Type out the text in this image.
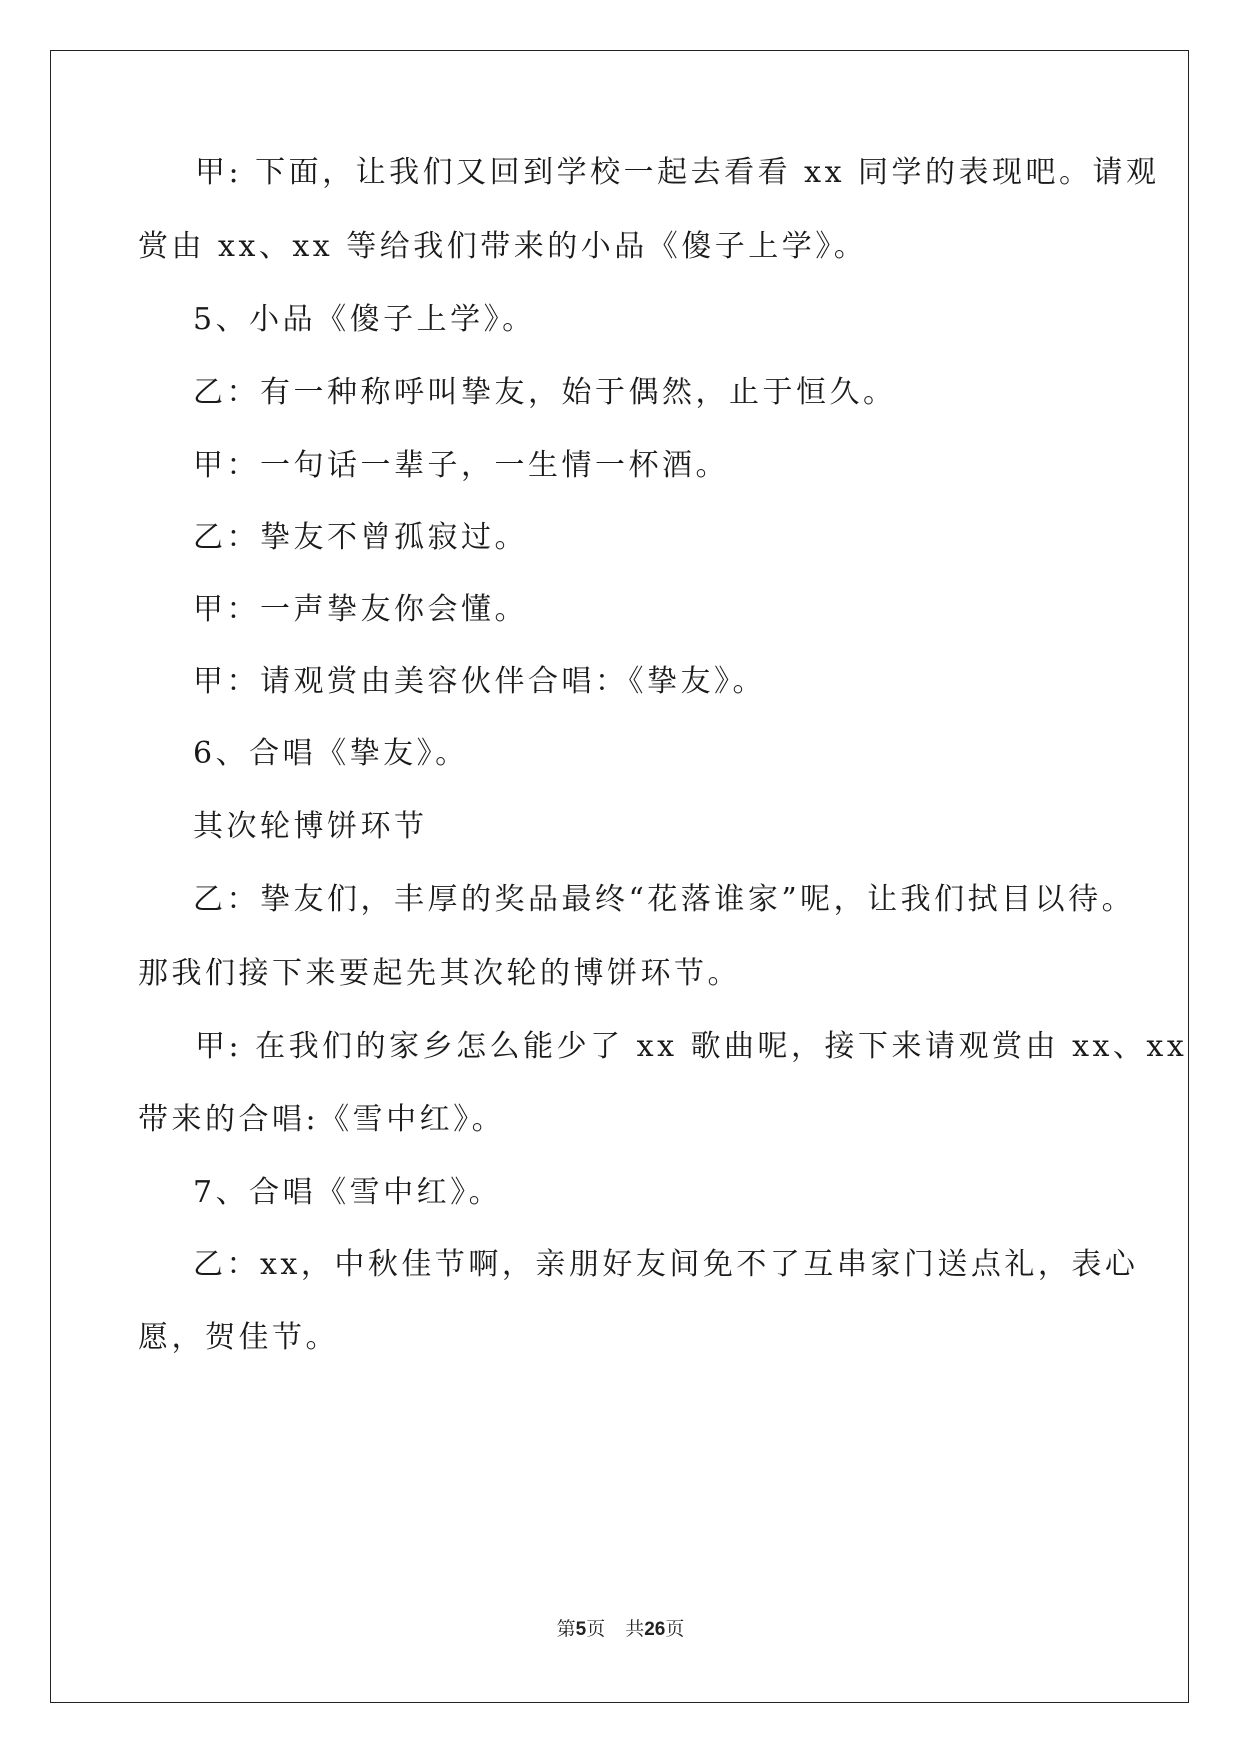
甲: 下面，让我们又回到学校一起去看看 xx 同学的表现吧。请观
赏由 xx、xx 等给我们带来的小品《傻子上学》。
5、小品《傻子上学》。
乙：有一种称呼叫挚友，始于偶然，止于恒久。
甲：一句话一辈子，一生情一杯酒。
乙：挚友不曾孤寂过。
甲：一声挚友你会懂。
甲：请观赏由美容伙伴合唱：《挚友》。
6、合唱《挚友》。
其次轮博饼环节
乙：挚友们，丰厚的奖品最终“花落谁家”呢，让我们拭目以待。
那我们接下来要起先其次轮的博饼环节。
甲: 在我们的家乡怎么能少了 xx 歌曲呢，接下来请观赏由 xx、xx
带来的合唱:《雪中红》。
7、合唱《雪中红》。
乙：xx，中秋佳节啊，亲朋好友间免不了互串家门送点礼，表心
愿，贺佳节。
第5页 共26页
